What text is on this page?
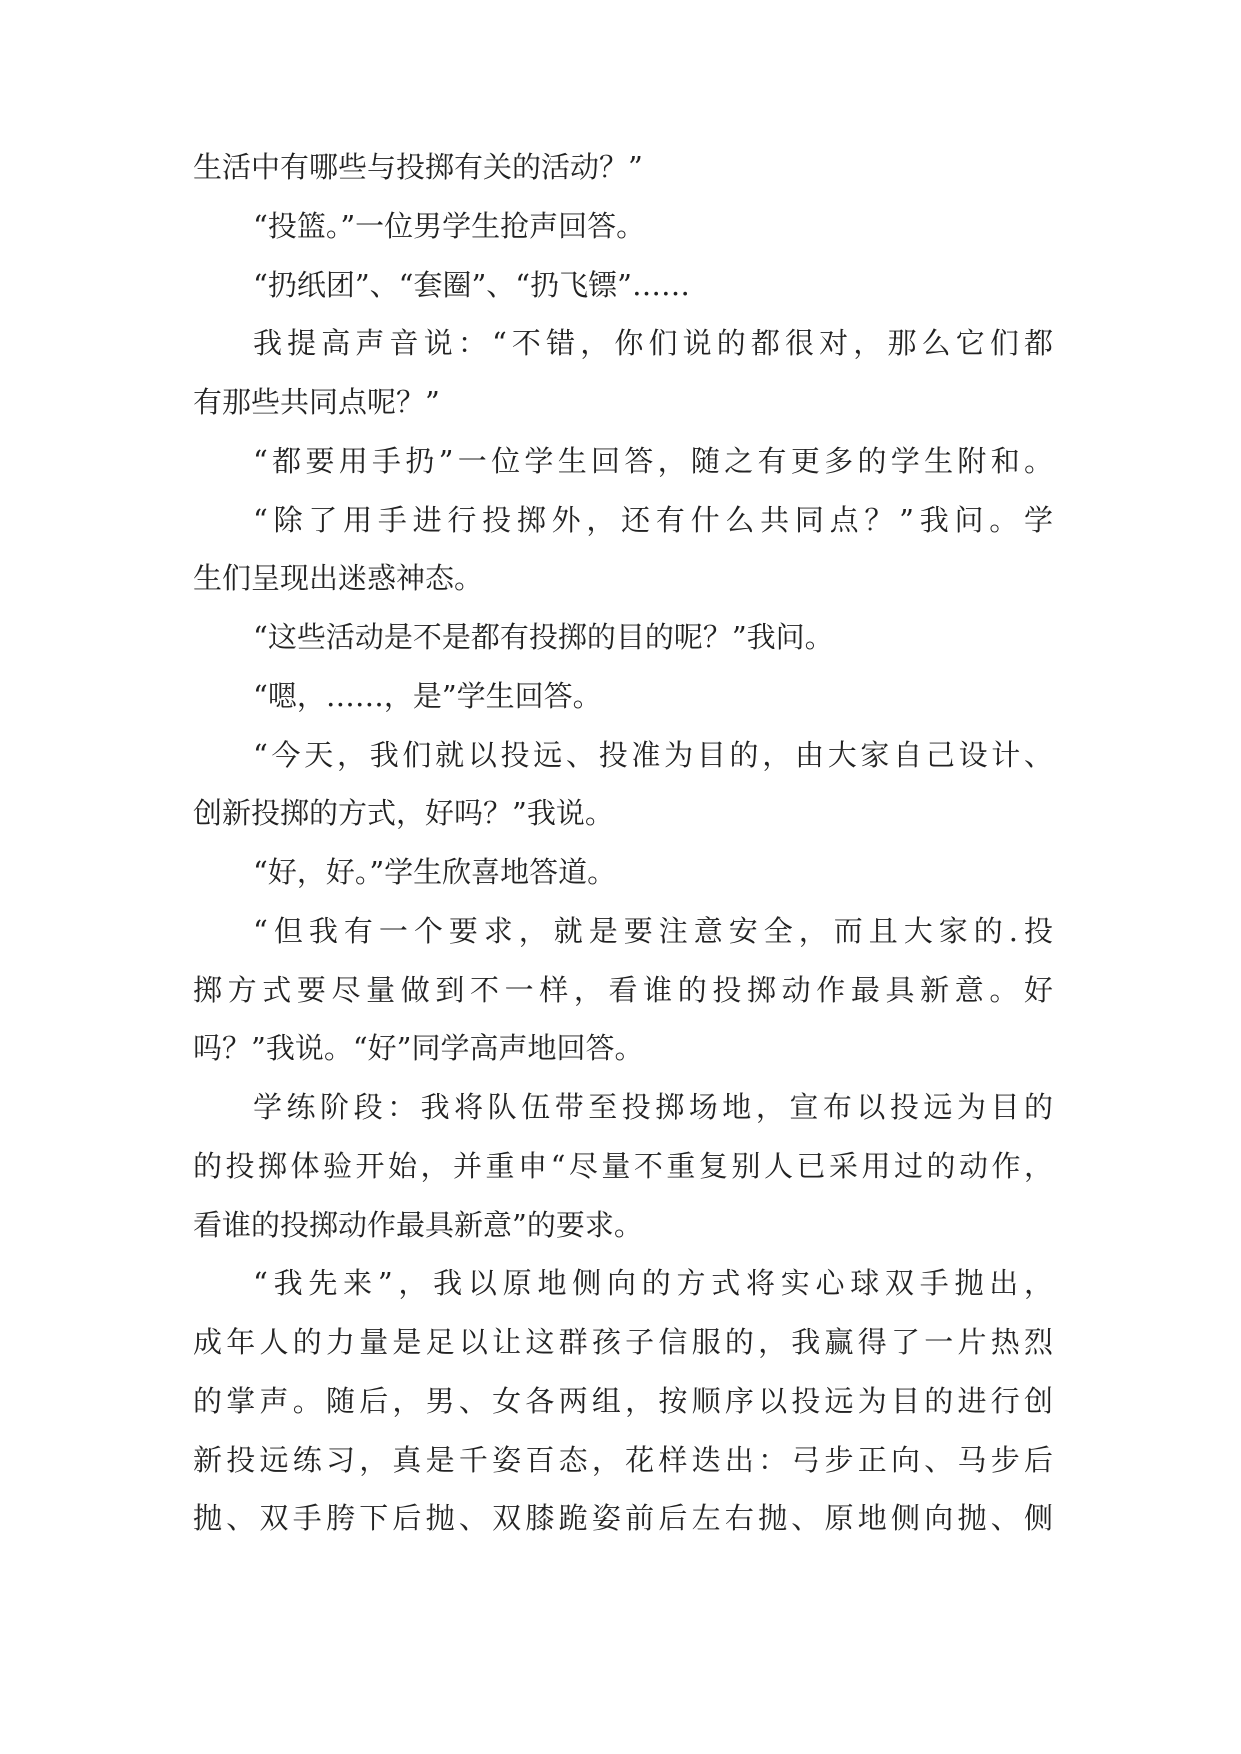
生活中有哪些与投掷有关的活动？”
“投篮。”一位男学生抢声回答。
“扔纸团”、“套圈”、“扔飞镖”……
我提高声音说：“不错，你们说的都很对，那么它们都
有那些共同点呢？”
“都要用手扔”一位学生回答，随之有更多的学生附和。
“除了用手进行投掷外，还有什么共同点？”我问。学
生们呈现出迷惑神态。
“这些活动是不是都有投掷的目的呢？”我问。
“嗯，……，是”学生回答。
“今天，我们就以投远、投准为目的，由大家自己设计、
创新投掷的方式，好吗？”我说。
“好，好。”学生欣喜地答道。
“但我有一个要求，就是要注意安全，而且大家的.投
掷方式要尽量做到不一样，看谁的投掷动作最具新意。好
吗？”我说。“好”同学高声地回答。
学练阶段：我将队伍带至投掷场地，宣布以投远为目的
的投掷体验开始，并重申“尽量不重复别人已采用过的动作，
看谁的投掷动作最具新意”的要求。
“我先来”，我以原地侧向的方式将实心球双手抛出，
成年人的力量是足以让这群孩子信服的，我赢得了一片热烈
的掌声。随后，男、女各两组，按顺序以投远为目的进行创
新投远练习，真是千姿百态，花样迭出：弓步正向、马步后
抛、双手胯下后抛、双膝跪姿前后左右抛、原地侧向抛、侧
